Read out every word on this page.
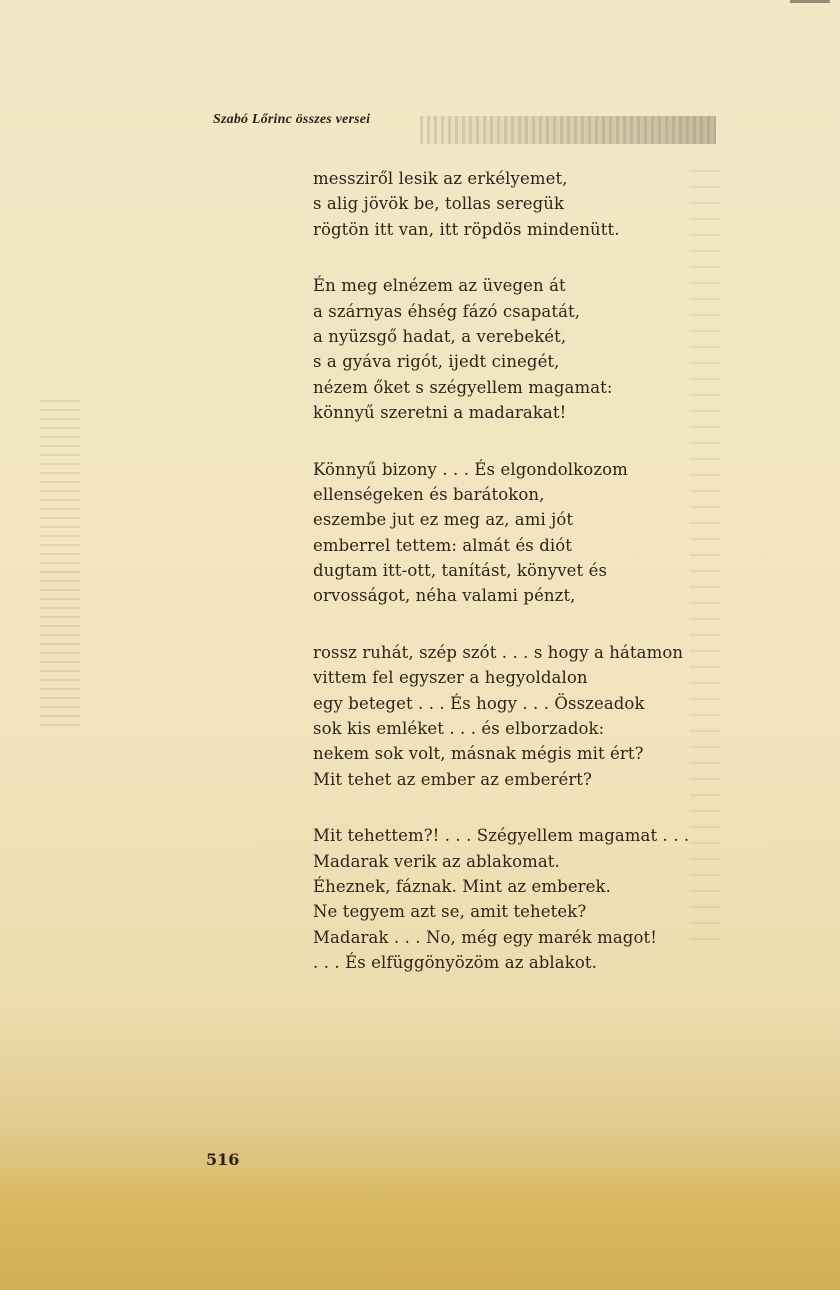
Szabó Lőrinc összes versei
messziről lesik az erkélyemet,
s alig jövök be, tollas seregük
rögtön itt van, itt röpdös mindenütt.
Én meg elnézem az üvegen át
a szárnyas éhség fázó csapatát,
a nyüzsgő hadat, a verebekét,
s a gyáva rigót, ijedt cinegét,
nézem őket s szégyellem magamat:
könnyű szeretni a madarakat!
Könnyű bizony . . . És elgondolkozom
ellenségeken és barátokon,
eszembe jut ez meg az, ami jót
emberrel tettem: almát és diót
dugtam itt-ott, tanítást, könyvet és
orvosságot, néha valami pénzt,
rossz ruhát, szép szót . . . s hogy a hátamon
vittem fel egyszer a hegyoldalon
egy beteget . . . És hogy . . . Összeadok
sok kis emléket . . . és elborzadok:
nekem sok volt, másnak mégis mit ért?
Mit tehet az ember az emberért?
Mit tehettem?! . . . Szégyellem magamat . . .
Madarak verik az ablakomat.
Éheznek, fáznak. Mint az emberek.
Ne tegyem azt se, amit tehetek?
Madarak . . . No, még egy marék magot!
. . . És elfüggönyözöm az ablakot.
516
